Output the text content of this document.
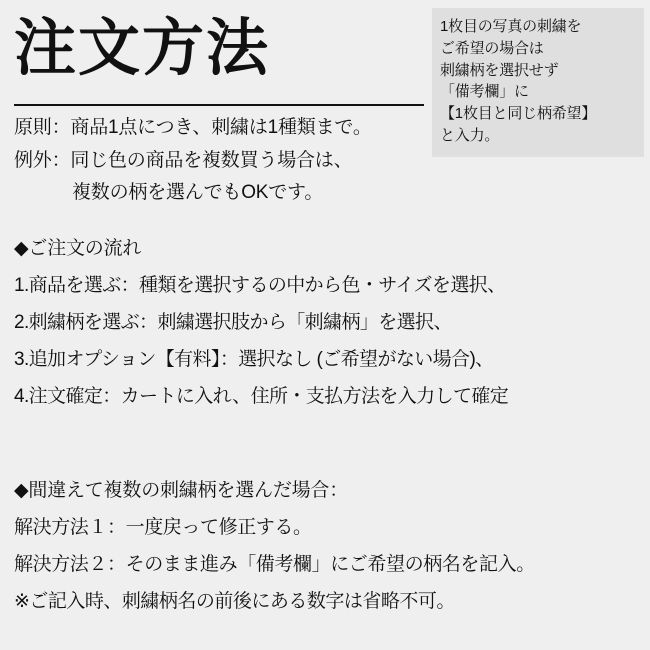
1枚目の写真の刺繍を
ご希望の場合は
刺繍柄を選択せず
「備考欄」に
【1枚目と同じ柄希望】
と入力。
注文方法
原則：商品1点につき、刺繍は1種類まで。
例外：同じ色の商品を複数買う場合は、
複数の柄を選んでもOKです。
◆ご注文の流れ
1.商品を選ぶ：種類を選択するの中から色・サイズを選択、
2.刺繍柄を選ぶ：刺繍選択肢から「刺繍柄」を選択、
3.追加オプション【有料】：選択なし (ご希望がない場合)、
4.注文確定：カートに入れ、住所・支払方法を入力して確定
◆間違えて複数の刺繍柄を選んだ場合：
解決方法１：一度戻って修正する。
解決方法２：そのまま進み「備考欄」にご希望の柄名を記入。
※ご記入時、刺繍柄名の前後にある数字は省略不可。
